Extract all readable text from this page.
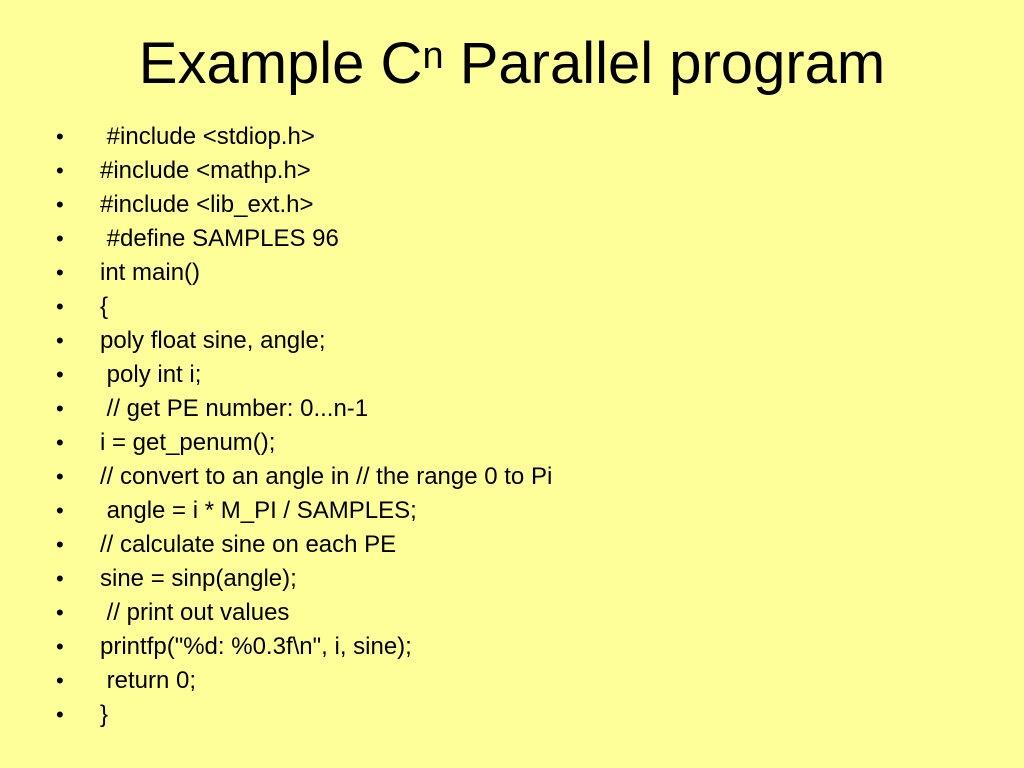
Example $C^n$ Parallel program
•	#include <stdiop.h>
•	#include <mathp.h>
•	#include <lib_ext.h>
•	#define SAMPLES 96
•	int main()
•	{
•	poly float sine, angle;
•	poly int i;
•	// get PE number: 0...n-1
•	i = get_penum();
•	// convert to an angle in // the range 0 to Pi
•	angle = i * M_PI / SAMPLES;
•	// calculate sine on each PE
•	sine = sinp(angle);
•	// print out values
•	printfp("%d: %0.3f\n", i, sine);
•	return 0;
•	}
